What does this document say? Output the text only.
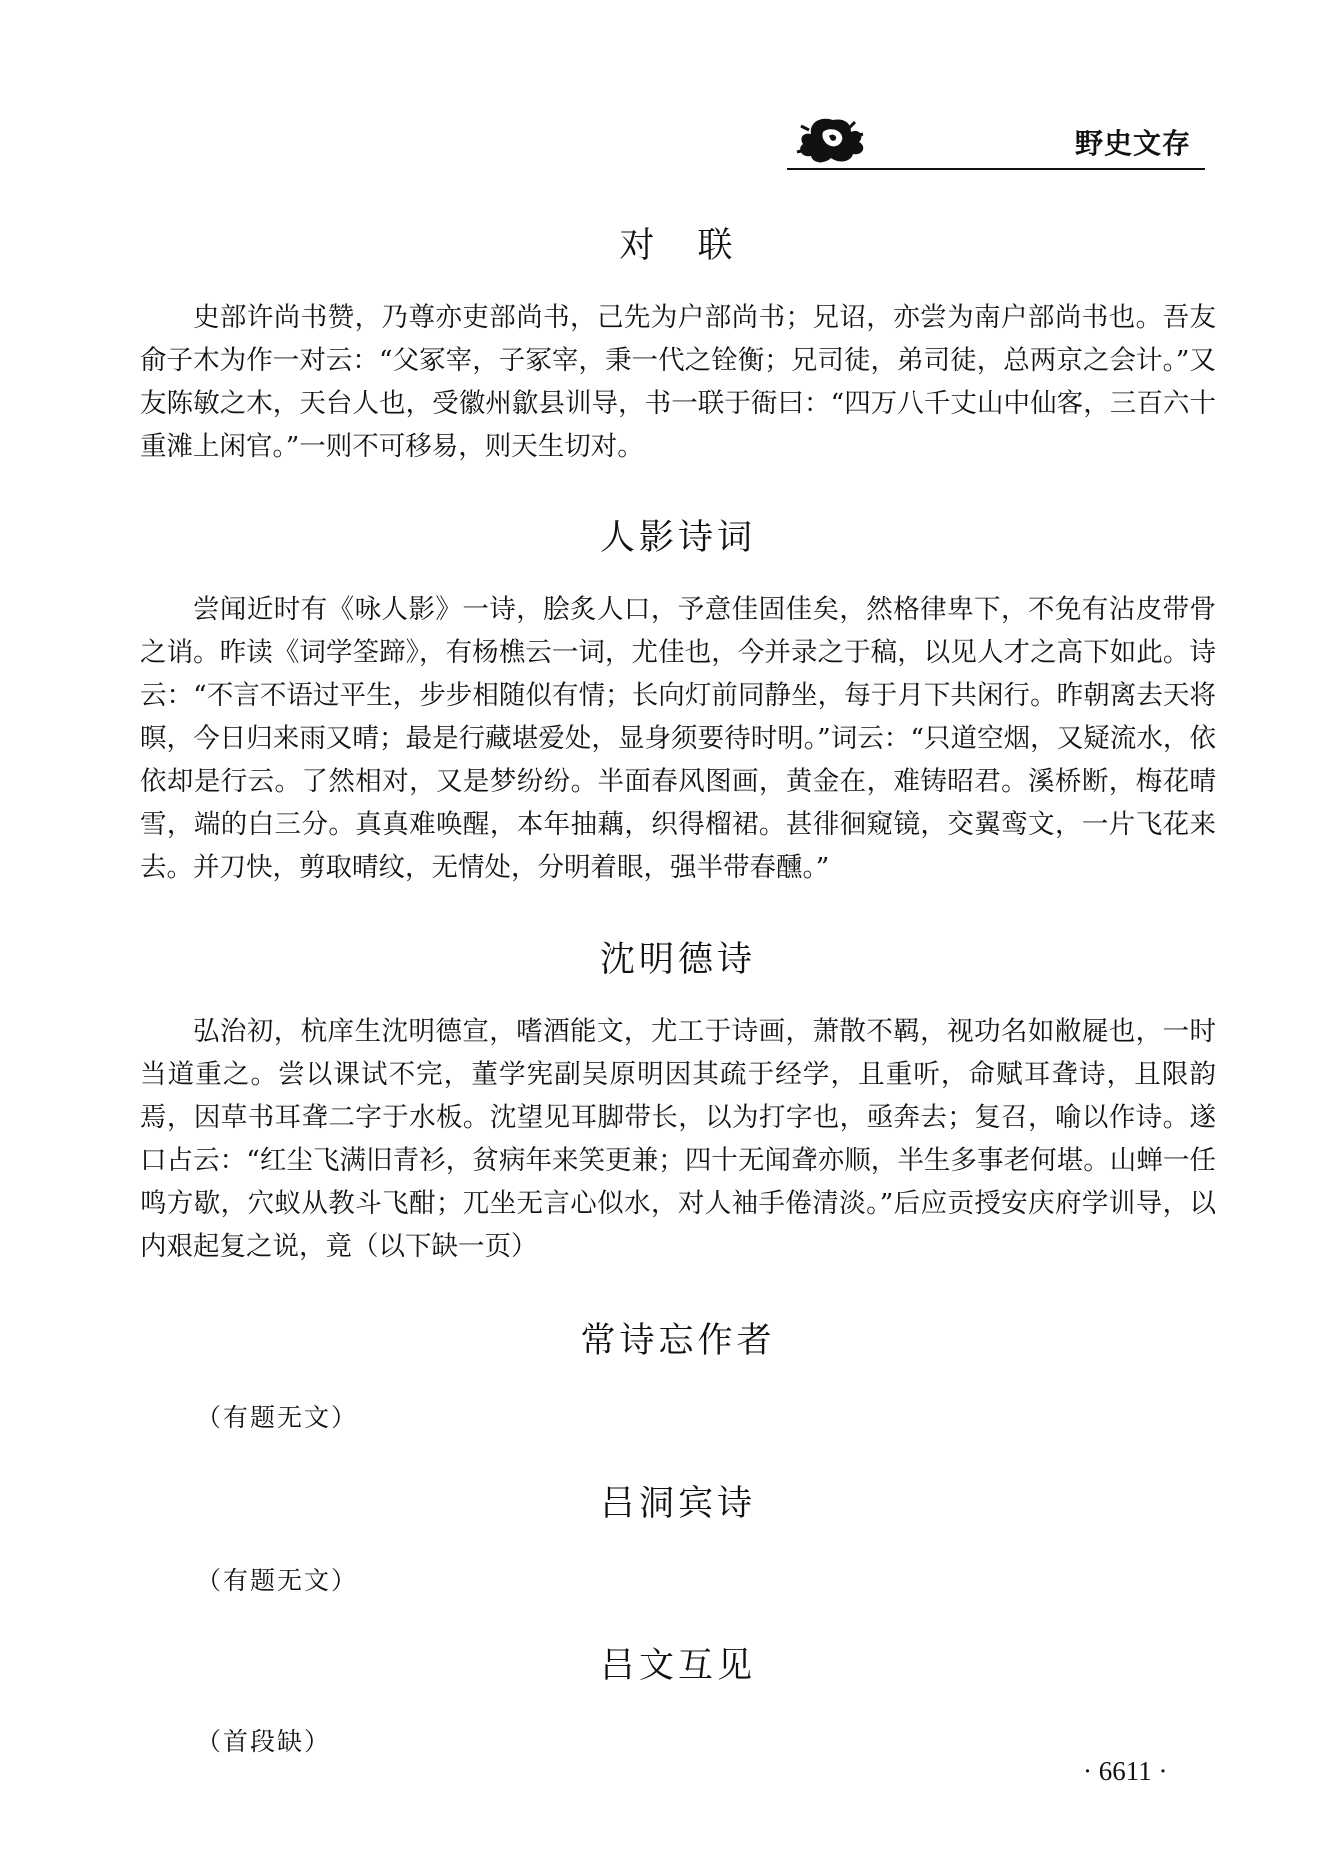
野史文存
对　联

史部许尚书赞，乃尊亦吏部尚书，己先为户部尚书；兄诏，亦尝为南户部尚书也。吾友俞子木为作一对云：“父冢宰，子冢宰，秉一代之铨衡；兄司徒，弟司徒，总两京之会计。”又友陈敏之木，天台人也，受徽州歙县训导，书一联于衙曰：“四万八千丈山中仙客，三百六十重滩上闲官。”一则不可移易，则天生切对。

人影诗词

尝闻近时有《咏人影》一诗，脍炙人口，予意佳固佳矣，然格律卑下，不免有沾皮带骨之诮。昨读《词学筌蹄》，有杨樵云一词，尤佳也，今并录之于稿，以见人才之高下如此。诗云：“不言不语过平生，步步相随似有情；长向灯前同静坐，每于月下共闲行。昨朝离去天将暝，今日归来雨又晴；最是行藏堪爱处，显身须要待时明。”词云：“只道空烟，又疑流水，依依却是行云。了然相对，又是梦纷纷。半面春风图画，黄金在，难铸昭君。溪桥断，梅花晴雪，端的白三分。真真难唤醒，本年抽藕，织得榴裙。甚徘徊窥镜，交翼鸾文，一片飞花来去。并刀快，剪取晴纹，无情处，分明着眼，强半带春醺。”

沈明德诗

弘治初，杭庠生沈明德宣，嗜酒能文，尤工于诗画，萧散不羁，视功名如敝屣也，一时当道重之。尝以课试不完，董学宪副吴原明因其疏于经学，且重听，命赋耳聋诗，且限韵焉，因草书耳聋二字于水板。沈望见耳脚带长，以为打字也，亟奔去；复召，喻以作诗。遂口占云：“红尘飞满旧青衫，贫病年来笑更兼；四十无闻聋亦顺，半生多事老何堪。山蝉一任鸣方歇，穴蚁从教斗飞酣；兀坐无言心似水，对人袖手倦清淡。”后应贡授安庆府学训导，以内艰起复之说，竟（以下缺一页）

常诗忘作者

（有题无文）

吕洞宾诗

（有题无文）

吕文互见

（首段缺）

· 6611 ·
